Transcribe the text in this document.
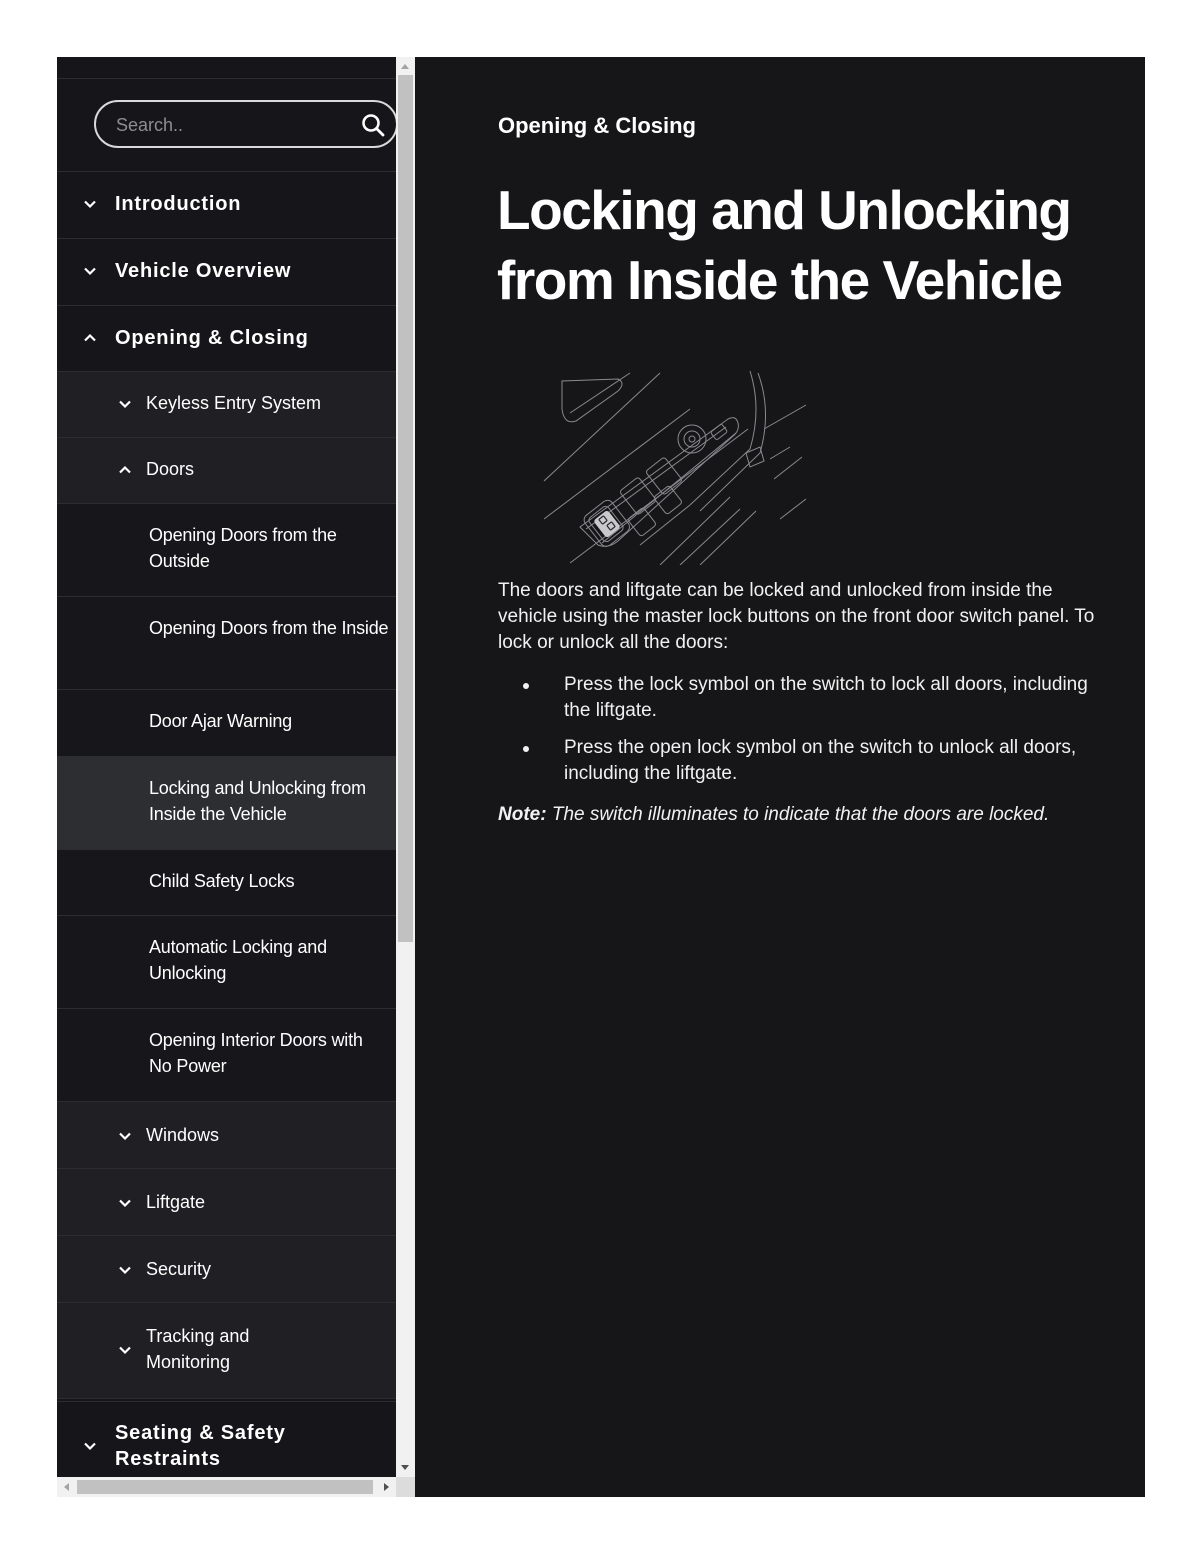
Search..
Introduction
Vehicle Overview
Opening & Closing
Keyless Entry System
Doors
Opening Doors from the Outside
Opening Doors from the Inside
Door Ajar Warning
Locking and Unlocking from Inside the Vehicle
Child Safety Locks
Automatic Locking and Unlocking
Opening Interior Doors with No Power
Windows
Liftgate
Security
Tracking and Monitoring
Seating & Safety Restraints
Opening & Closing
Locking and Unlocking from Inside the Vehicle

The doors and liftgate can be locked and unlocked from inside the vehicle using the master lock buttons on the front door switch panel. To lock or unlock all the doors:

Press the lock symbol on the switch to lock all doors, including the liftgate.
Press the open lock symbol on the switch to unlock all doors, including the liftgate.

Note: The switch illuminates to indicate that the doors are locked.
